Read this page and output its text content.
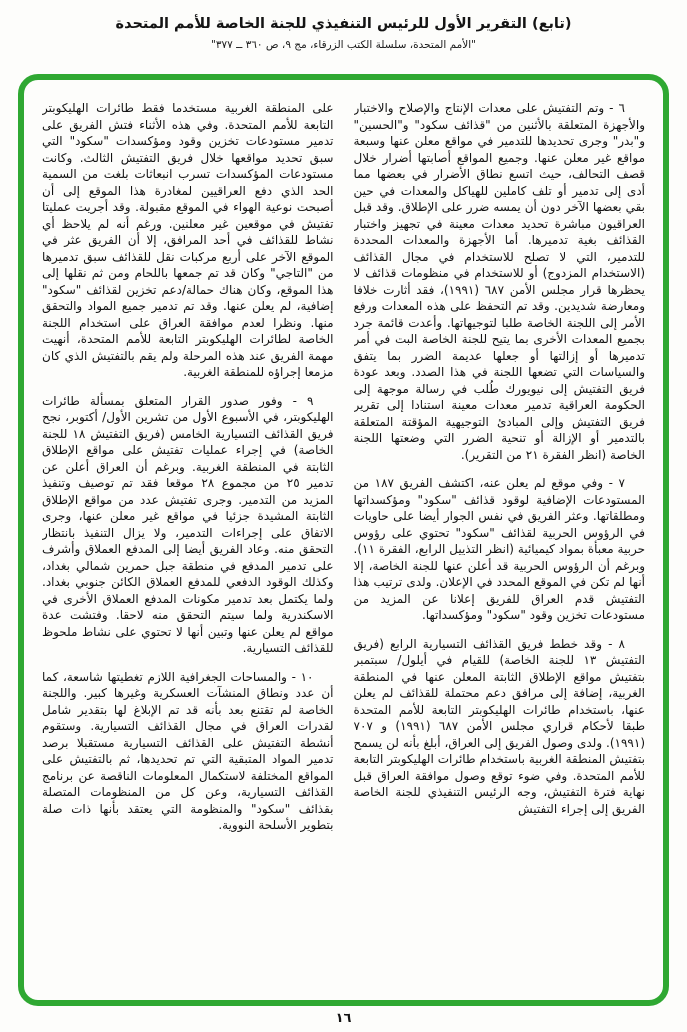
(تابع) التقرير الأول للرئيس التنفيذي للجنة الخاصة للأمم المتحدة
"الأمم المتحدة، سلسلة الكتب الزرقاء، مج ٩، ص ٣٦٠ ــ ٣٧٧"

٦ - وتم التفتيش على معدات الإنتاج والإصلاح والاختبار والأجهزة المتعلقة بالأثنين من "قذائف سكود" و"الحسين" و"بدر" وجرى تحديدها للتدمير في مواقع معلن عنها وسبعة مواقع غير معلن عنها. وجميع المواقع أصابتها أضرار خلال قصف التحالف، حيث اتسع نطاق الأضرار في بعضها مما أدى إلى تدمير أو تلف كاملين للهياكل والمعدات في حين بقي بعضها الآخر دون أن يمسه ضرر على الإطلاق. وقد قبل العراقيون مباشرة تحديد معدات معينة في تجهيز واختبار القذائف بغية تدميرها. أما الأجهزة والمعدات المحددة للتدمير، التي لا تصلح للاستخدام في مجال القذائف (الاستخدام المزدوج) أو للاستخدام في منظومات قذائف لا يحظرها قرار مجلس الأمن ٦٨٧ (١٩٩١)، فقد أثارت خلافا ومعارضة شديدين. وقد تم التحفظ على هذه المعدات ورفع الأمر إلى اللجنة الخاصة طلبا لتوجيهاتها. وأعدت قائمة جرد بجميع المعدات الأخرى بما يتيح للجنة الخاصة البت في أمر تدميرها أو إزالتها أو جعلها عديمة الضرر بما يتفق والسياسات التي تضعها اللجنة في هذا الصدد. وبعد عودة فريق التفتيش إلى نيويورك طُلب في رسالة موجهة إلى الحكومة العراقية تدمير معدات معينة استنادا إلى تقرير فريق التفتيش وإلى المبادئ التوجيهية المؤقتة المتعلقة بالتدمير أو الإزالة أو تنحية الضرر التي وضعتها اللجنة الخاصة (انظر الفقرة ٢١ من التقرير).

٧ - وفي موقع لم يعلن عنه، اكتشف الفريق ١٨٧ من المستودعات الإضافية لوقود قذائف "سكود" ومؤكسداتها ومطلقاتها. وعثر الفريق في نفس الجوار أيضا على حاويات في الرؤوس الحربية لقذائف "سكود" تحتوي على رؤوس حربية معبأة بمواد كيميائية (انظر التذييل الرابع، الفقرة ١١). وبرغم أن الرؤوس الحربية قد أعلن عنها للجنة الخاصة، إلا أنها لم تكن في الموقع المحدد في الإعلان. ولدى ترتيب هذا التفتيش قدم العراق للفريق إعلانا عن المزيد من مستودعات تخزين وقود "سكود" ومؤكسداتها.

٨ - وقد خطط فريق القذائف التسيارية الرابع (فريق التفتيش ١٣ للجنة الخاصة) للقيام في أيلول/ سبتمبر بتفتيش مواقع الإطلاق الثابتة المعلن عنها في المنطقة الغربية، إضافة إلى مرافق دعم محتملة للقذائف لم يعلن عنها، باستخدام طائرات الهليكوبتر التابعة للأمم المتحدة طبقا لأحكام قراري مجلس الأمن ٦٨٧ (١٩٩١) و ٧٠٧ (١٩٩١). ولدى وصول الفريق إلى العراق، أبلغ بأنه لن يسمح بتفتيش المنطقة الغربية باستخدام طائرات الهليكوبتر التابعة للأمم المتحدة. وفي ضوء توقع وصول موافقة العراق قبل نهاية فترة التفتيش، وجه الرئيس التنفيذي للجنة الخاصة الفريق إلى إجراء التفتيش

على المنطقة الغربية مستخدما فقط طائرات الهليكوبتر التابعة للأمم المتحدة. وفي هذه الأثناء فتش الفريق على تدمير مستودعات تخزين وقود ومؤكسدات "سكود" التي سبق تحديد مواقعها خلال فريق التفتيش الثالث. وكانت مستودعات المؤكسدات تسرب انبعاثات بلغت من السمية الحد الذي دفع العراقيين لمغادرة هذا الموقع إلى أن أصبحت نوعية الهواء في الموقع مقبولة. وقد أجريت عمليتا تفتيش في موقعين غير معلنين. ورغم أنه لم يلاحظ أي نشاط للقذائف في أحد المرافق، إلا أن الفريق عثر في الموقع الآخر على أربع مركبات نقل للقذائف سبق تدميرها من "التاجي" وكان قد تم جمعها باللحام ومن ثم نقلها إلى هذا الموقع، وكان هناك حمالة/دعم تخزين لقذائف "سكود" إضافية، لم يعلن عنها. وقد تم تدمير جميع المواد والتحقق منها. ونظرا لعدم موافقة العراق على استخدام اللجنة الخاصة لطائرات الهليكوبتر التابعة للأمم المتحدة، أنهيت مهمة الفريق عند هذه المرحلة ولم يقم بالتفتيش الذي كان مزمعا إجراؤه للمنطقة الغربية.

٩ - وفور صدور القرار المتعلق بمسألة طائرات الهليكوبتر، في الأسبوع الأول من تشرين الأول/ أكتوبر، نجح فريق القذائف التسيارية الخامس (فريق التفتيش ١٨ للجنة الخاصة) في إجراء عمليات تفتيش على مواقع الإطلاق الثابتة في المنطقة الغربية. وبرغم أن العراق أعلن عن تدمير ٢٥ من مجموع ٢٨ موقعا فقد تم توصيف وتنفيذ المزيد من التدمير. وجرى تفتيش عدد من مواقع الإطلاق الثابتة المشيدة جزئيا في مواقع غير معلن عنها، وجرى الاتفاق على إجراءات التدمير، ولا يزال التنفيذ بانتظار التحقق منه. وعاد الفريق أيضا إلى المدفع العملاق وأشرف على تدمير المدفع في منطقة جبل حمرين شمالي بغداد، وكذلك الوقود الدفعي للمدفع العملاق الكائن جنوبي بغداد. ولما يكتمل بعد تدمير مكونات المدفع العملاق الأخرى في الاسكندرية ولما سيتم التحقق منه لاحقا. وفتشت عدة مواقع لم يعلن عنها وتبين أنها لا تحتوي على نشاط ملحوظ للقذائف التسيارية.

١٠ - والمساحات الجغرافية اللازم تغطيتها شاسعة، كما أن عدد ونطاق المنشآت العسكرية وغيرها كبير. واللجنة الخاصة لم تقتنع بعد بأنه قد تم الإبلاغ لها بتقدير شامل لقدرات العراق في مجال القذائف التسيارية. وستقوم أنشطة التفتيش على القذائف التسيارية مستقبلا برصد تدمير المواد المتبقية التي تم تحديدها، ثم بالتفتيش على المواقع المختلفة لاستكمال المعلومات الناقصة عن برنامج القذائف التسيارية، وعن كل من المنظومات المتصلة بقذائف "سكود" والمنظومة التي يعتقد بأنها ذات صلة بتطوير الأسلحة النووية.

١٦
